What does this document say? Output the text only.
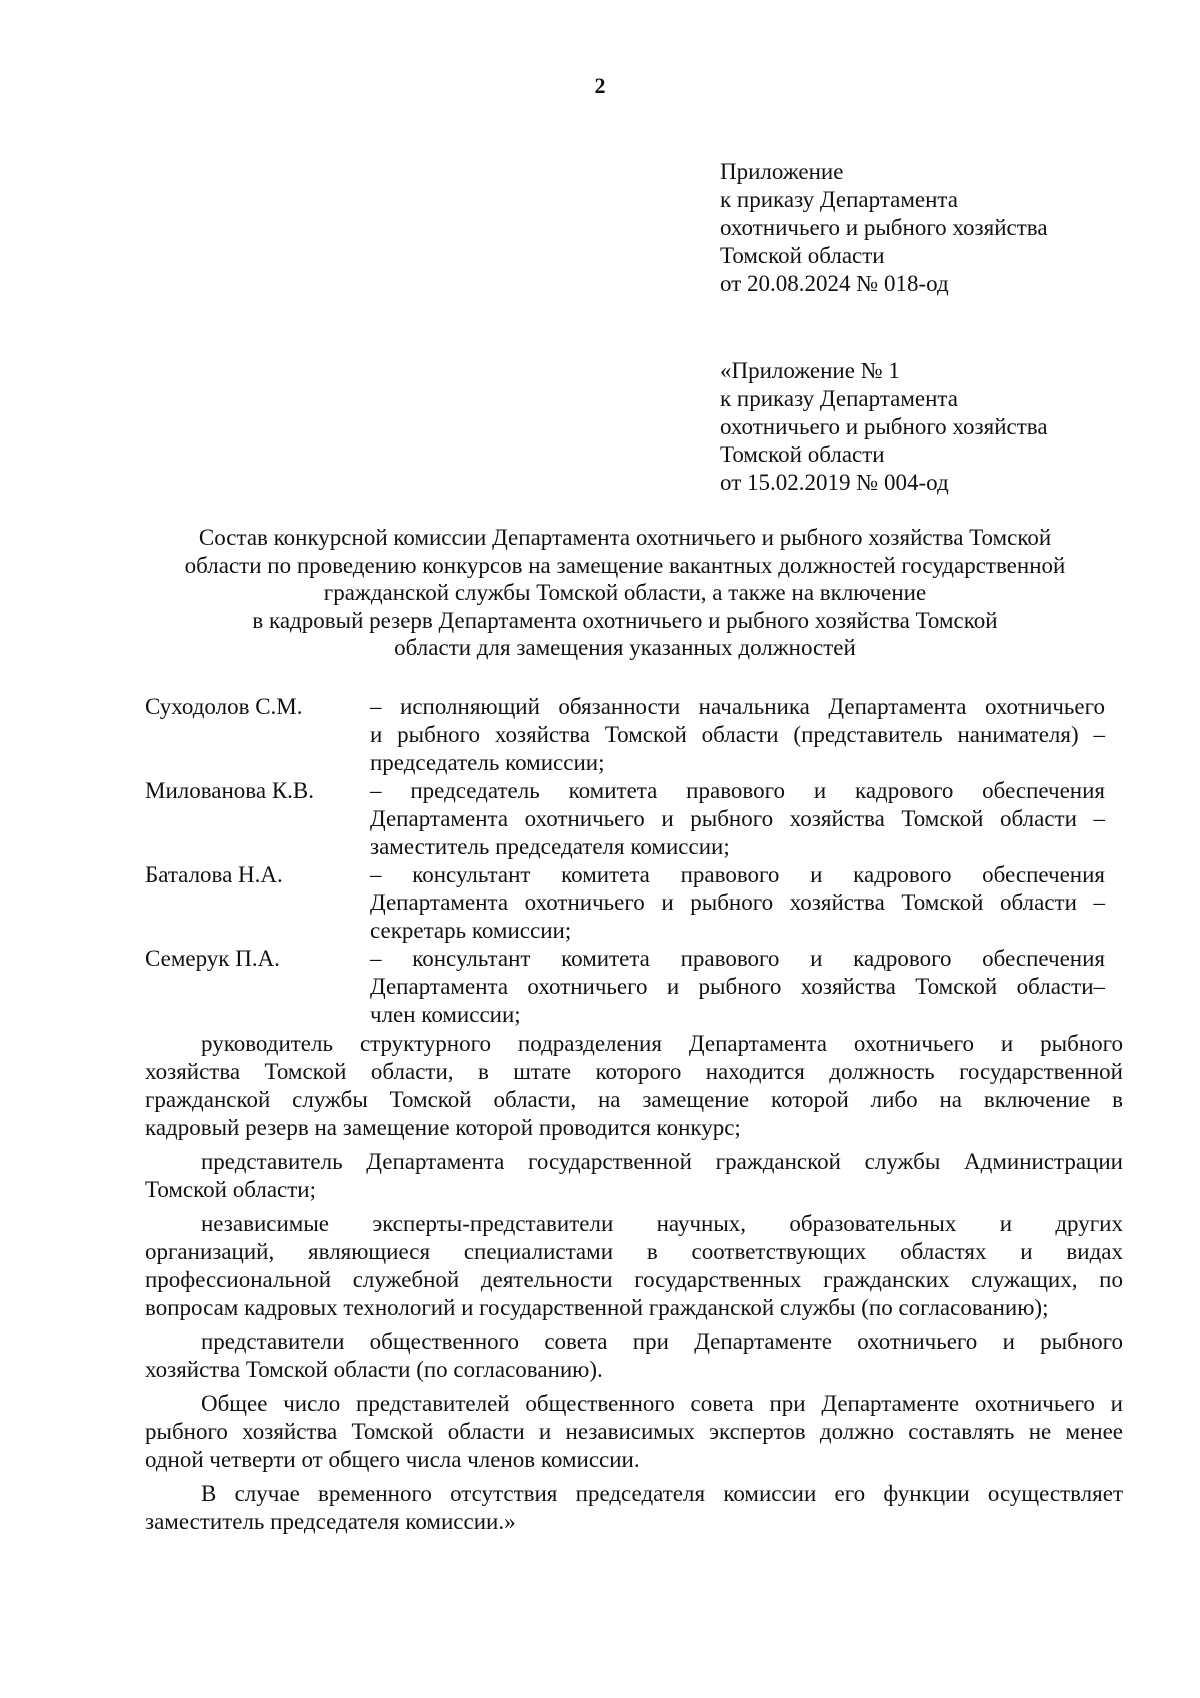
2
Приложение
к приказу Департамента
охотничьего и рыбного хозяйства
Томской области
от 20.08.2024 № 018-од
«Приложение № 1
к приказу Департамента
охотничьего и рыбного хозяйства
Томской области
от 15.02.2019 № 004-од
Состав конкурсной комиссии Департамента охотничьего и рыбного хозяйства Томской
области по проведению конкурсов на замещение вакантных должностей государственной
гражданской службы Томской области, а также на включение
в кадровый резерв Департамента охотничьего и рыбного хозяйства Томской
области для замещения указанных должностей
Суходолов С.М.	– исполняющий обязанности начальника Департамента охотничьего
и рыбного хозяйства Томской области (представитель нанимателя) –
председатель комиссии;
Милованова К.В.	– председатель комитета правового и кадрового обеспечения
Департамента охотничьего и рыбного хозяйства Томской области –
заместитель председателя комиссии;
Баталова Н.А.	– консультант комитета правового и кадрового обеспечения
Департамента охотничьего и рыбного хозяйства Томской области –
секретарь комиссии;
Семерук П.А.	– консультант комитета правового и кадрового обеспечения
Департамента охотничьего и рыбного хозяйства Томской области–
член комиссии;
руководитель структурного подразделения Департамента охотничьего и рыбного
хозяйства Томской области, в штате которого находится должность государственной
гражданской службы Томской области, на замещение которой либо на включение в
кадровый резерв на замещение которой проводится конкурс;
представитель Департамента государственной гражданской службы Администрации
Томской области;
независимые эксперты-представители научных, образовательных и других
организаций, являющиеся специалистами в соответствующих областях и видах
профессиональной служебной деятельности государственных гражданских служащих, по
вопросам кадровых технологий и государственной гражданской службы (по согласованию);
представители общественного совета при Департаменте охотничьего и рыбного
хозяйства Томской области (по согласованию).
Общее число представителей общественного совета при Департаменте охотничьего и
рыбного хозяйства Томской области и независимых экспертов должно составлять не менее
одной четверти от общего числа членов комиссии.
В случае временного отсутствия председателя комиссии его функции осуществляет
заместитель председателя комиссии.»
